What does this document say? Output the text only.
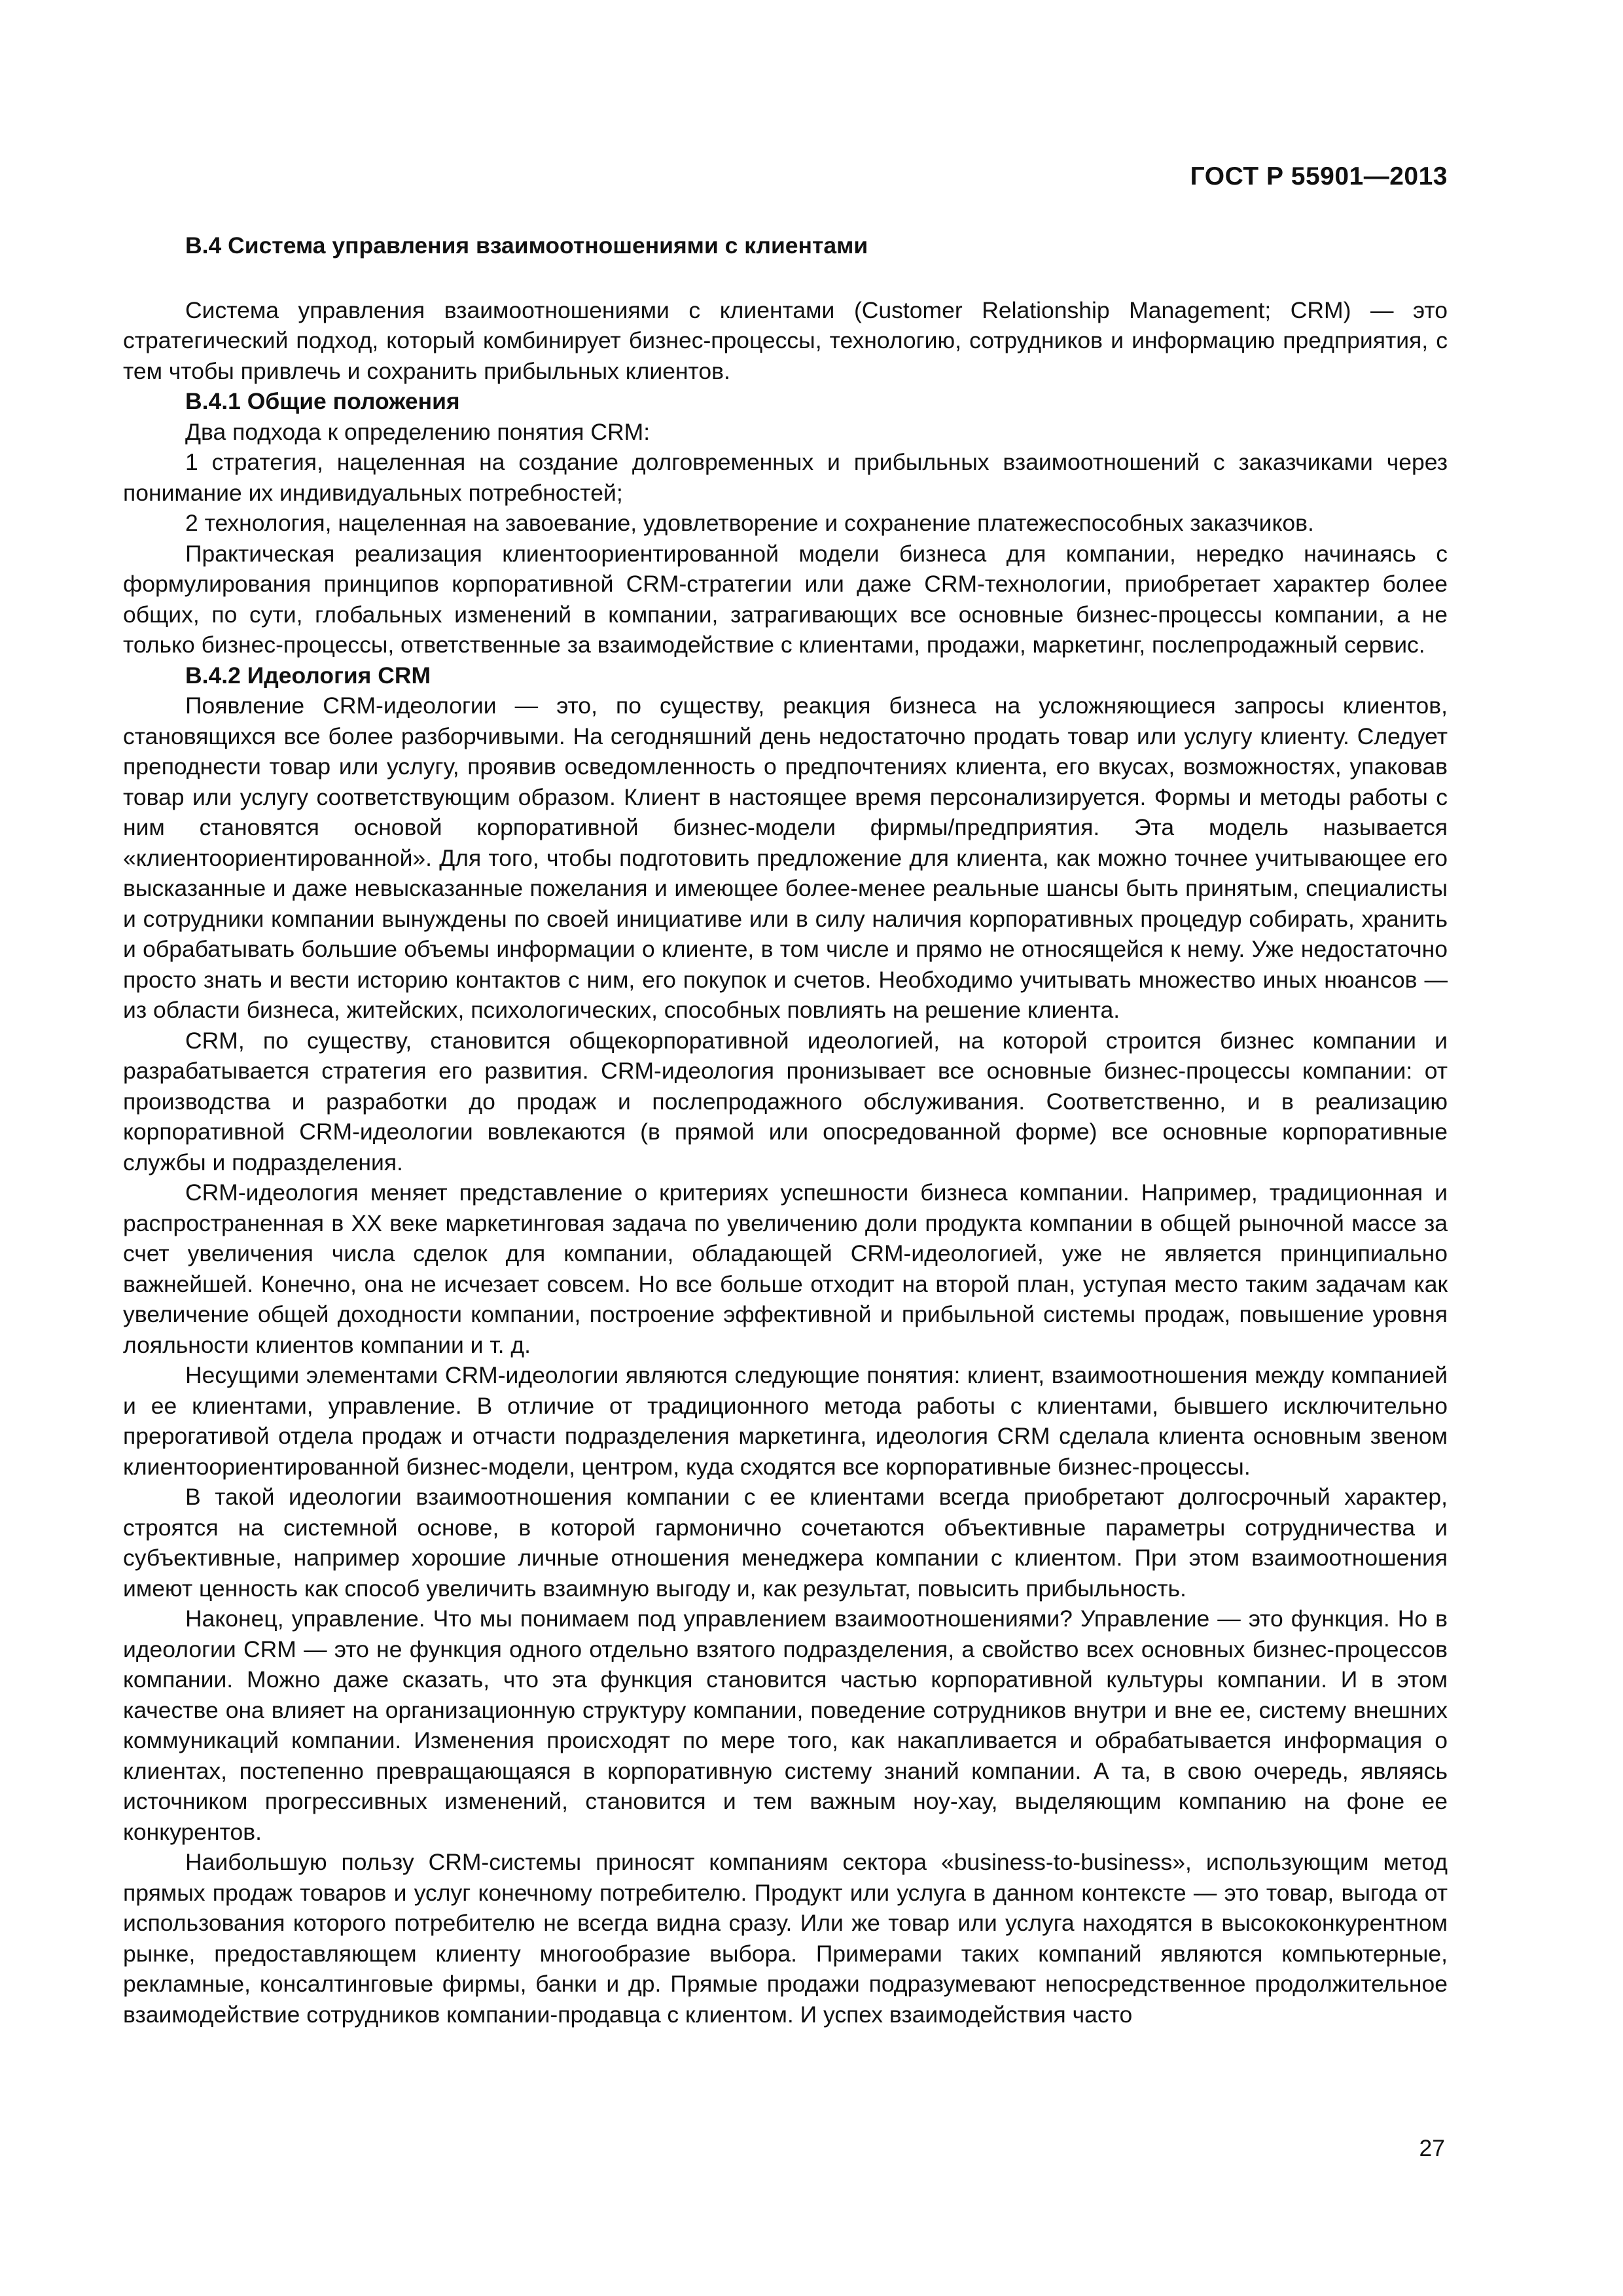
ГОСТ Р 55901—2013

В.4 Система управления взаимоотношениями с клиентами

Система управления взаимоотношениями с клиентами (Customer Relationship Management; CRM) — это стратегический подход, который комбинирует бизнес-процессы, технологию, сотрудников и информацию предприятия, с тем чтобы привлечь и сохранить прибыльных клиентов.

В.4.1 Общие положения

Два подхода к определению понятия CRM:

1 стратегия, нацеленная на создание долговременных и прибыльных взаимоотношений с заказчиками через понимание их индивидуальных потребностей;

2 технология, нацеленная на завоевание, удовлетворение и сохранение платежеспособных заказчиков.

Практическая реализация клиентоориентированной модели бизнеса для компании, нередко начинаясь с формулирования принципов корпоративной CRM-стратегии или даже CRM-технологии, приобретает характер более общих, по сути, глобальных изменений в компании, затрагивающих все основные бизнес-процессы компании, а не только бизнес-процессы, ответственные за взаимодействие с клиентами, продажи, маркетинг, послепродажный сервис.

В.4.2 Идеология CRM

Появление CRM-идеологии — это, по существу, реакция бизнеса на усложняющиеся запросы клиентов, становящихся все более разборчивыми. На сегодняшний день недостаточно продать товар или услугу клиенту. Следует преподнести товар или услугу, проявив осведомленность о предпочтениях клиента, его вкусах, возможностях, упаковав товар или услугу соответствующим образом. Клиент в настоящее время персонализируется. Формы и методы работы с ним становятся основой корпоративной бизнес-модели фирмы/предприятия. Эта модель называется «клиентоориентированной». Для того, чтобы подготовить предложение для клиента, как можно точнее учитывающее его высказанные и даже невысказанные пожелания и имеющее более-менее реальные шансы быть принятым, специалисты и сотрудники компании вынуждены по своей инициативе или в силу наличия корпоративных процедур собирать, хранить и обрабатывать большие объемы информации о клиенте, в том числе и прямо не относящейся к нему. Уже недостаточно просто знать и вести историю контактов с ним, его покупок и счетов. Необходимо учитывать множество иных нюансов — из области бизнеса, житейских, психологических, способных повлиять на решение клиента.

CRM, по существу, становится общекорпоративной идеологией, на которой строится бизнес компании и разрабатывается стратегия его развития. CRM-идеология пронизывает все основные бизнес-процессы компании: от производства и разработки до продаж и послепродажного обслуживания. Соответственно, и в реализацию корпоративной CRM-идеологии вовлекаются (в прямой или опосредованной форме) все основные корпоративные службы и подразделения.

CRM-идеология меняет представление о критериях успешности бизнеса компании. Например, традиционная и распространенная в XX веке маркетинговая задача по увеличению доли продукта компании в общей рыночной массе за счет увеличения числа сделок для компании, обладающей CRM-идеологией, уже не является принципиально важнейшей. Конечно, она не исчезает совсем. Но все больше отходит на второй план, уступая место таким задачам как увеличение общей доходности компании, построение эффективной и прибыльной системы продаж, повышение уровня лояльности клиентов компании и т. д.

Несущими элементами CRM-идеологии являются следующие понятия: клиент, взаимоотношения между компанией и ее клиентами, управление. В отличие от традиционного метода работы с клиентами, бывшего исключительно прерогативой отдела продаж и отчасти подразделения маркетинга, идеология CRM сделала клиента основным звеном клиентоориентированной бизнес-модели, центром, куда сходятся все корпоративные бизнес-процессы.

В такой идеологии взаимоотношения компании с ее клиентами всегда приобретают долгосрочный характер, строятся на системной основе, в которой гармонично сочетаются объективные параметры сотрудничества и субъективные, например хорошие личные отношения менеджера компании с клиентом. При этом взаимоотношения имеют ценность как способ увеличить взаимную выгоду и, как результат, повысить прибыльность.

Наконец, управление. Что мы понимаем под управлением взаимоотношениями? Управление — это функция. Но в идеологии CRM — это не функция одного отдельно взятого подразделения, а свойство всех основных бизнес-процессов компании. Можно даже сказать, что эта функция становится частью корпоративной культуры компании. И в этом качестве она влияет на организационную структуру компании, поведение сотрудников внутри и вне ее, систему внешних коммуникаций компании. Изменения происходят по мере того, как накапливается и обрабатывается информация о клиентах, постепенно превращающаяся в корпоративную систему знаний компании. А та, в свою очередь, являясь источником прогрессивных изменений, становится и тем важным ноу-хау, выделяющим компанию на фоне ее конкурентов.

Наибольшую пользу CRM-системы приносят компаниям сектора «business-to-business», использующим метод прямых продаж товаров и услуг конечному потребителю. Продукт или услуга в данном контексте — это товар, выгода от использования которого потребителю не всегда видна сразу. Или же товар или услуга находятся в высококонкурентном рынке, предоставляющем клиенту многообразие выбора. Примерами таких компаний являются компьютерные, рекламные, консалтинговые фирмы, банки и др. Прямые продажи подразумевают непосредственное продолжительное взаимодействие сотрудников компании-продавца с клиентом. И успех взаимодействия часто

27
